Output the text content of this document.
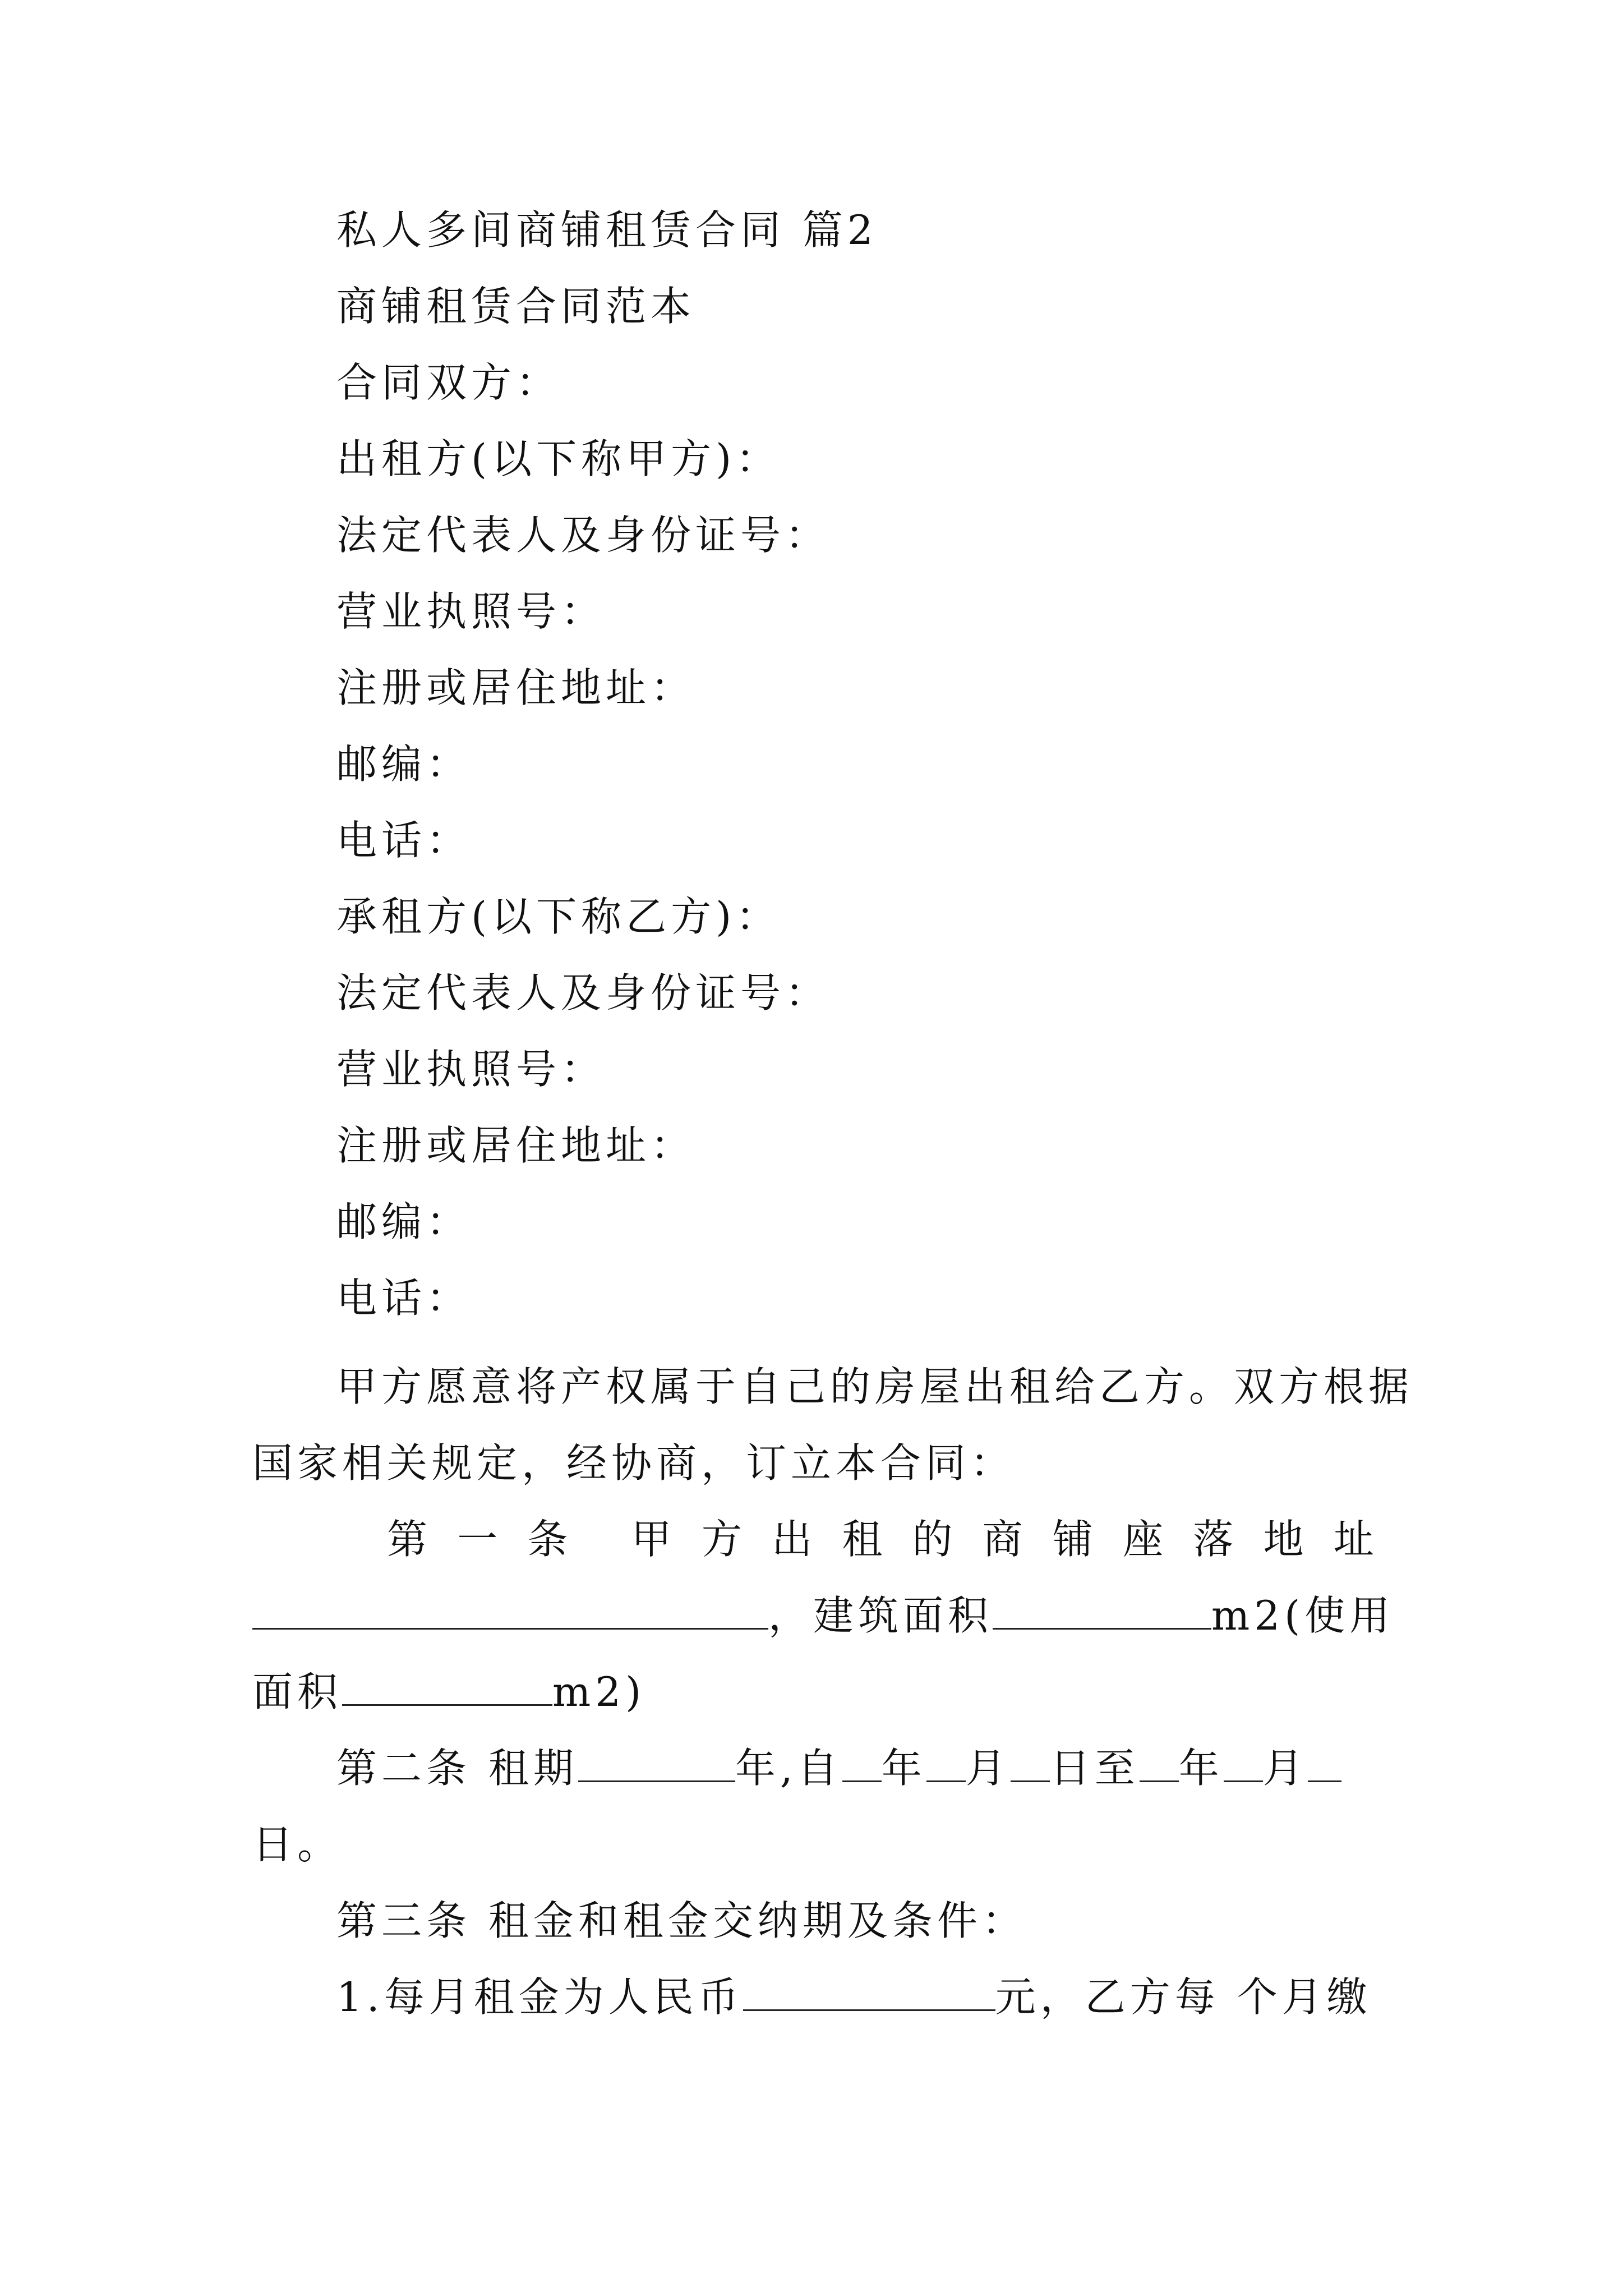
私人多间商铺租赁合同 篇2
商铺租赁合同范本
合同双方：
出租方(以下称甲方)：
法定代表人及身份证号：
营业执照号：
注册或居住地址：
邮编：
电话：
承租方(以下称乙方)：
法定代表人及身份证号：
营业执照号：
注册或居住地址：
邮编：
电话：
甲方愿意将产权属于自己的房屋出租给乙方。双方根据
国家相关规定，经协商，订立本合同：
第 一 条 甲 方 出 租 的 商 铺 座 落 地 址
，建筑面积	m2(使用
面积	m2)
第二条 租期	年,自 年 月 日至 年 月
日。
第三条 租金和租金交纳期及条件：
1.每月租金为人民币	元，乙方每 个月缴
